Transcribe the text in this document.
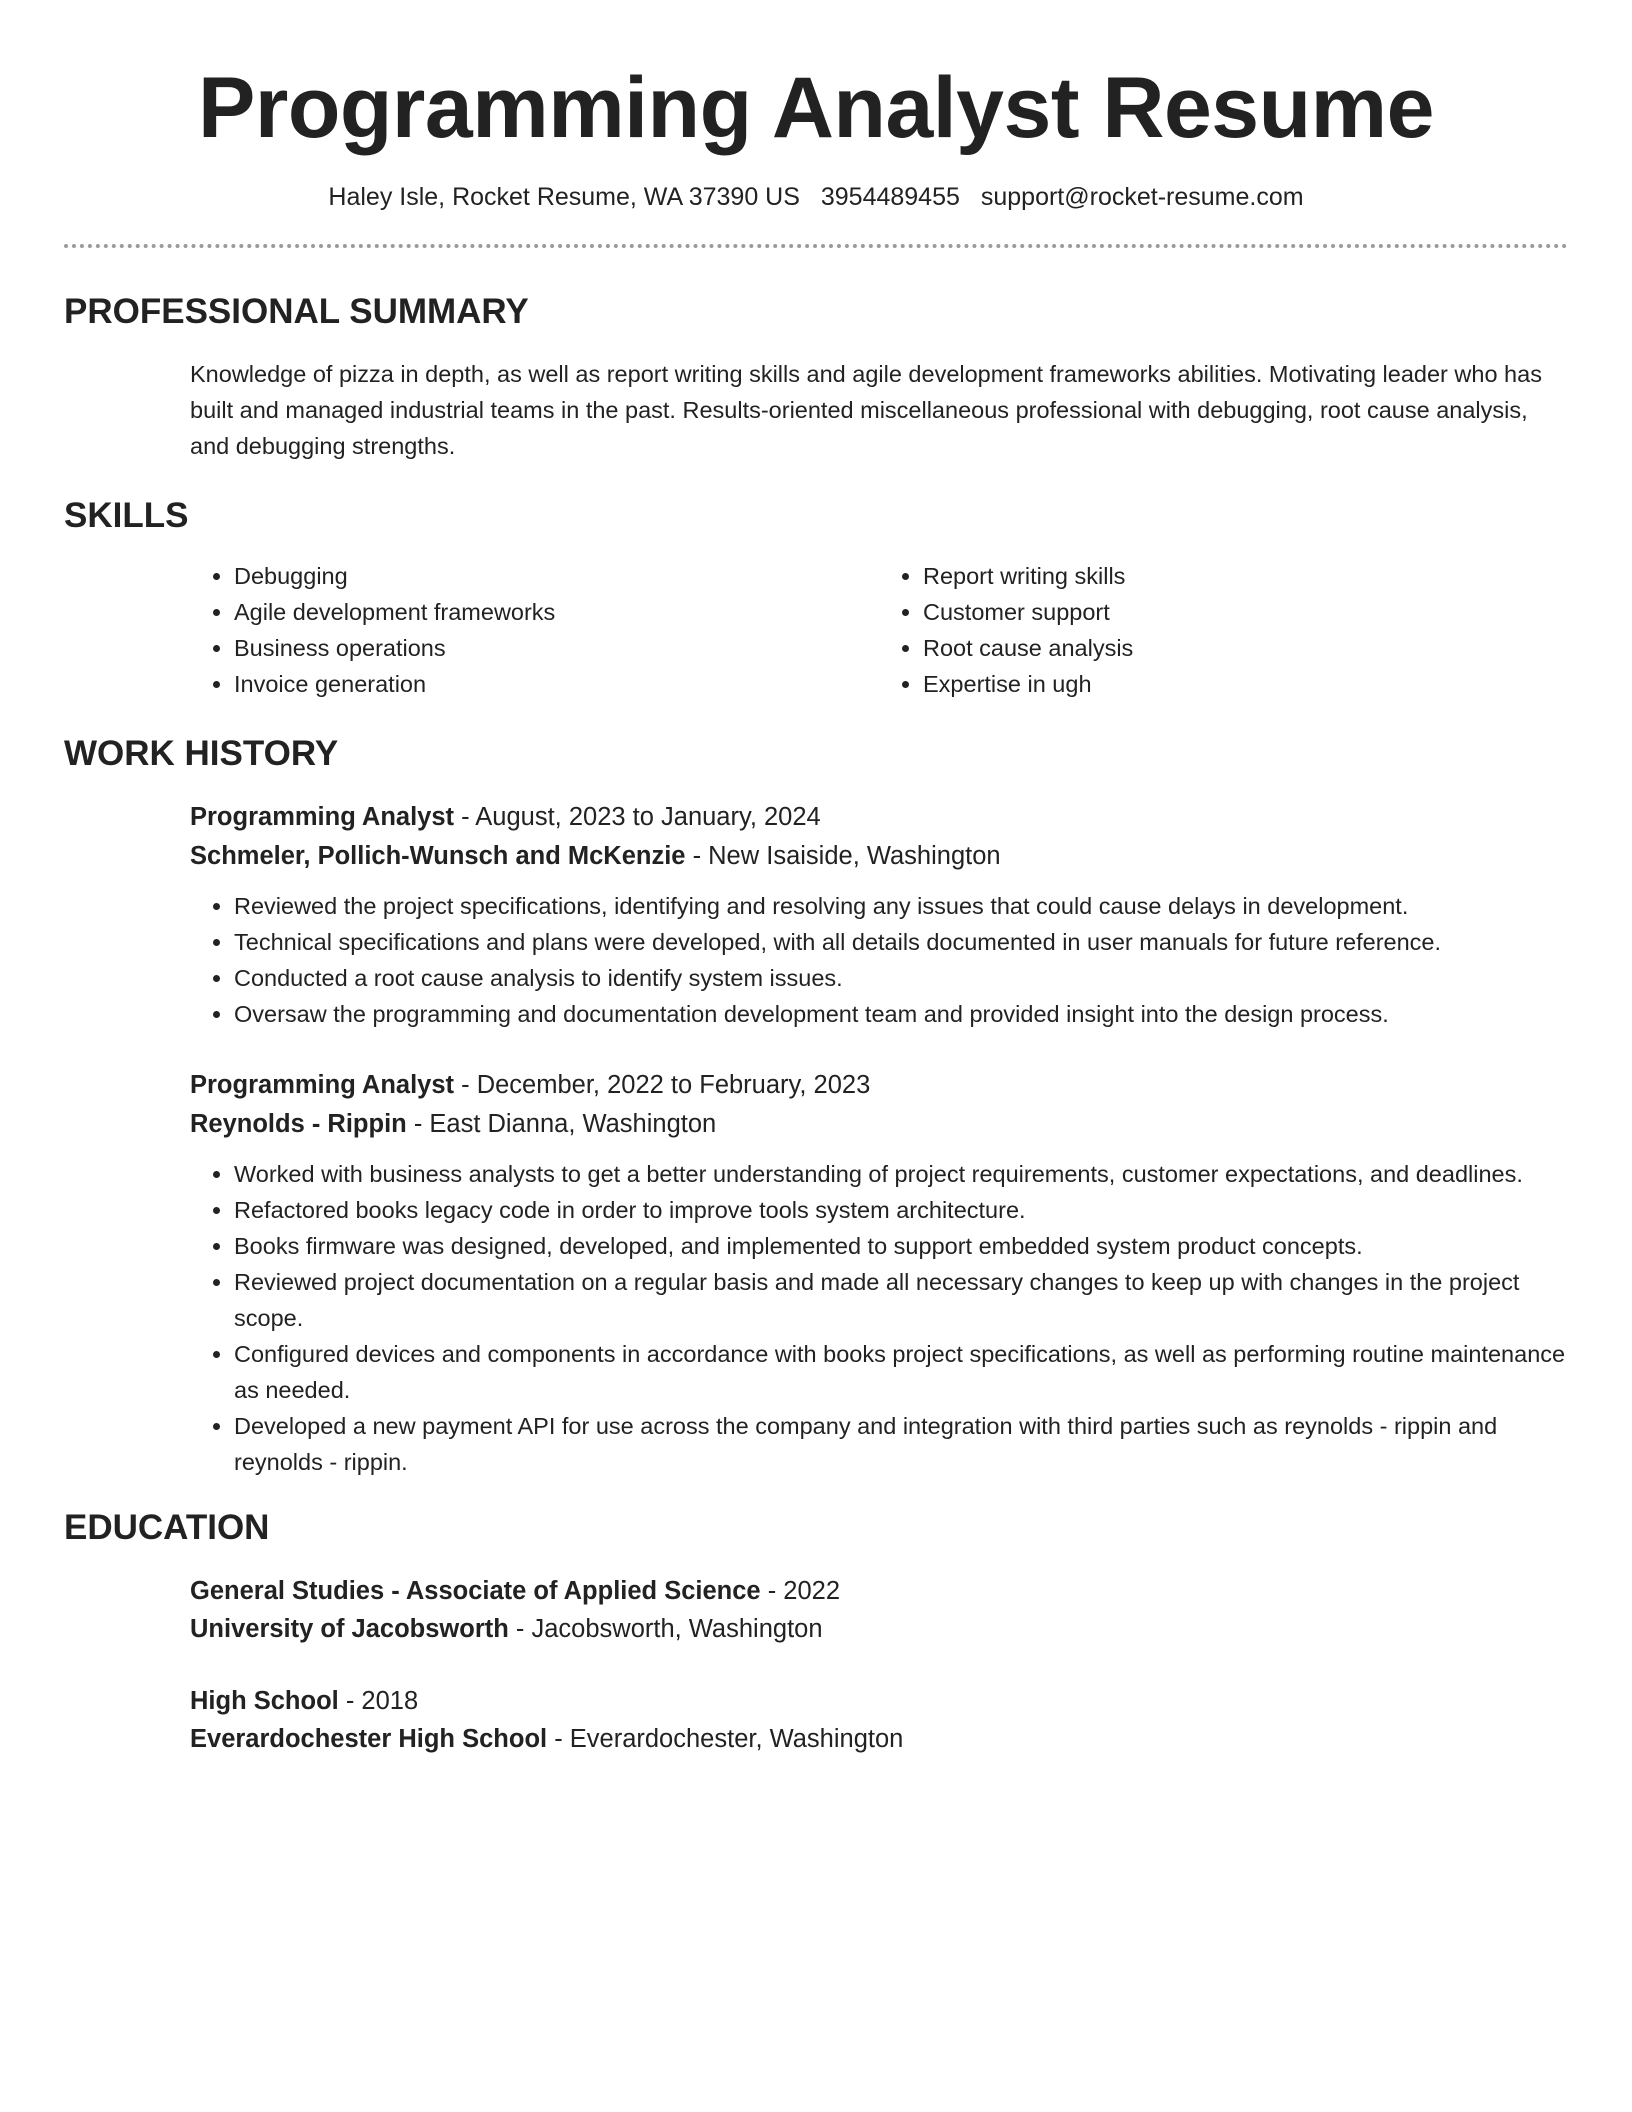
Programming Analyst Resume
Haley Isle, Rocket Resume, WA 37390 US 3954489455 support@rocket-resume.com
PROFESSIONAL SUMMARY

Knowledge of pizza in depth, as well as report writing skills and agile development frameworks abilities. Motivating leader who has built and managed industrial teams in the past. Results-oriented miscellaneous professional with debugging, root cause analysis, and debugging strengths.

SKILLS
• Debugging
• Agile development frameworks
• Business operations
• Invoice generation
• Report writing skills
• Customer support
• Root cause analysis
• Expertise in ugh
WORK HISTORY
Programming Analyst - August, 2023 to January, 2024
Schmeler, Pollich-Wunsch and McKenzie - New Isaiside, Washington
• Reviewed the project specifications, identifying and resolving any issues that could cause delays in development.
• Technical specifications and plans were developed, with all details documented in user manuals for future reference.
• Conducted a root cause analysis to identify system issues.
• Oversaw the programming and documentation development team and provided insight into the design process.
Programming Analyst - December, 2022 to February, 2023
Reynolds - Rippin - East Dianna, Washington
• Worked with business analysts to get a better understanding of project requirements, customer expectations, and deadlines.
• Refactored books legacy code in order to improve tools system architecture.
• Books firmware was designed, developed, and implemented to support embedded system product concepts.
• Reviewed project documentation on a regular basis and made all necessary changes to keep up with changes in the project scope.
• Configured devices and components in accordance with books project specifications, as well as performing routine maintenance as needed.
• Developed a new payment API for use across the company and integration with third parties such as reynolds - rippin and reynolds - rippin.
EDUCATION
General Studies - Associate of Applied Science - 2022
University of Jacobsworth - Jacobsworth, Washington
High School - 2018
Everardochester High School - Everardochester, Washington
